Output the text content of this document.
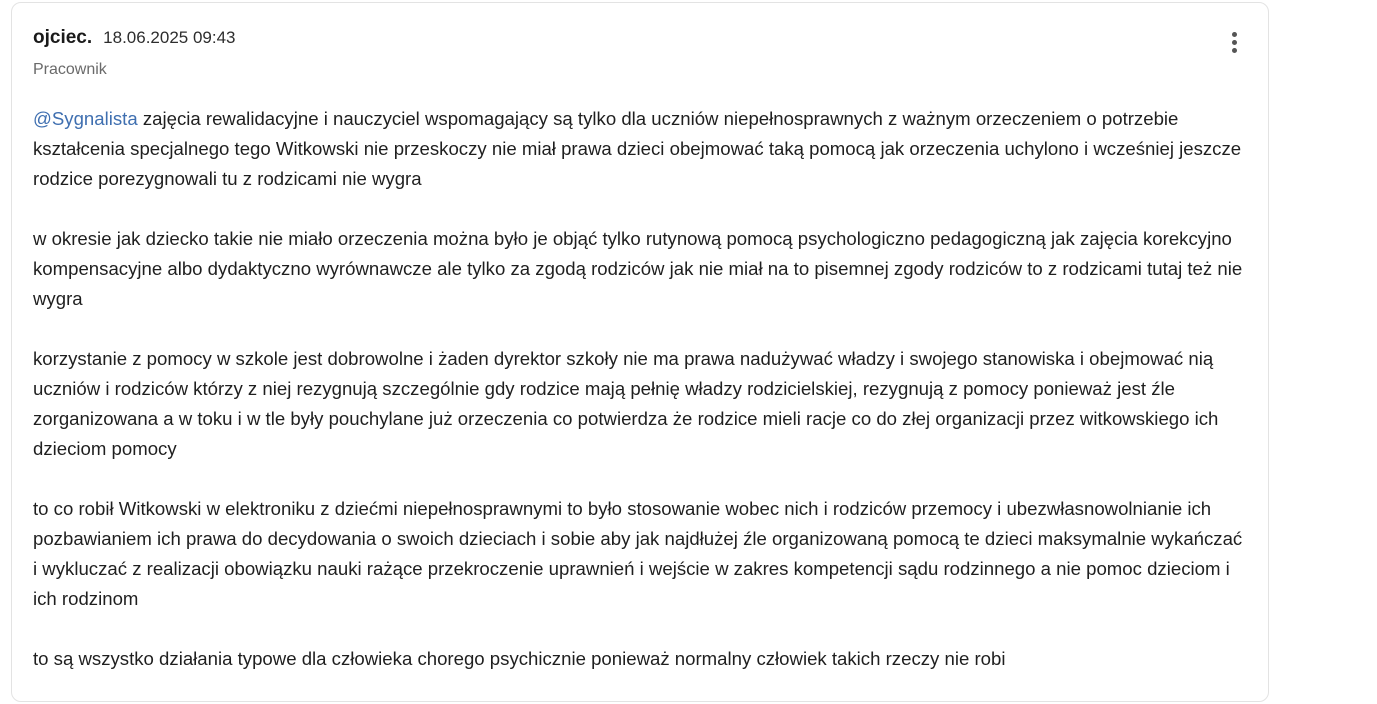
ojciec. 18.06.2025 09:43
Pracownik

@Sygnalista zajęcia rewalidacyjne i nauczyciel wspomagający są tylko dla uczniów niepełnosprawnych z ważnym orzeczeniem o potrzebie kształcenia specjalnego tego Witkowski nie przeskoczy nie miał prawa dzieci obejmować taką pomocą jak orzeczenia uchylono i wcześniej jeszcze rodzice porezygnowali tu z rodzicami nie wygra

w okresie jak dziecko takie nie miało orzeczenia można było je objąć tylko rutynową pomocą psychologiczno pedagogiczną jak zajęcia korekcyjno kompensacyjne albo dydaktyczno wyrównawcze ale tylko za zgodą rodziców jak nie miał na to pisemnej zgody rodziców to z rodzicami tutaj też nie wygra

korzystanie z pomocy w szkole jest dobrowolne i żaden dyrektor szkoły nie ma prawa nadużywać władzy i swojego stanowiska i obejmować nią uczniów i rodziców którzy z niej rezygnują szczególnie gdy rodzice mają pełnię władzy rodzicielskiej, rezygnują z pomocy ponieważ jest źle zorganizowana a w toku i w tle były pouchylane już orzeczenia co potwierdza że rodzice mieli racje co do złej organizacji przez witkowskiego ich dzieciom pomocy

to co robił Witkowski w elektroniku z dziećmi niepełnosprawnymi to było stosowanie wobec nich i rodziców przemocy i ubezwłasnowolnianie ich pozbawianiem ich prawa do decydowania o swoich dzieciach i sobie aby jak najdłużej źle organizowaną pomocą te dzieci maksymalnie wykańczać i wykluczać z realizacji obowiązku nauki rażące przekroczenie uprawnień i wejście w zakres kompetencji sądu rodzinnego a nie pomoc dzieciom i ich rodzinom

to są wszystko działania typowe dla człowieka chorego psychicznie ponieważ normalny człowiek takich rzeczy nie robi
